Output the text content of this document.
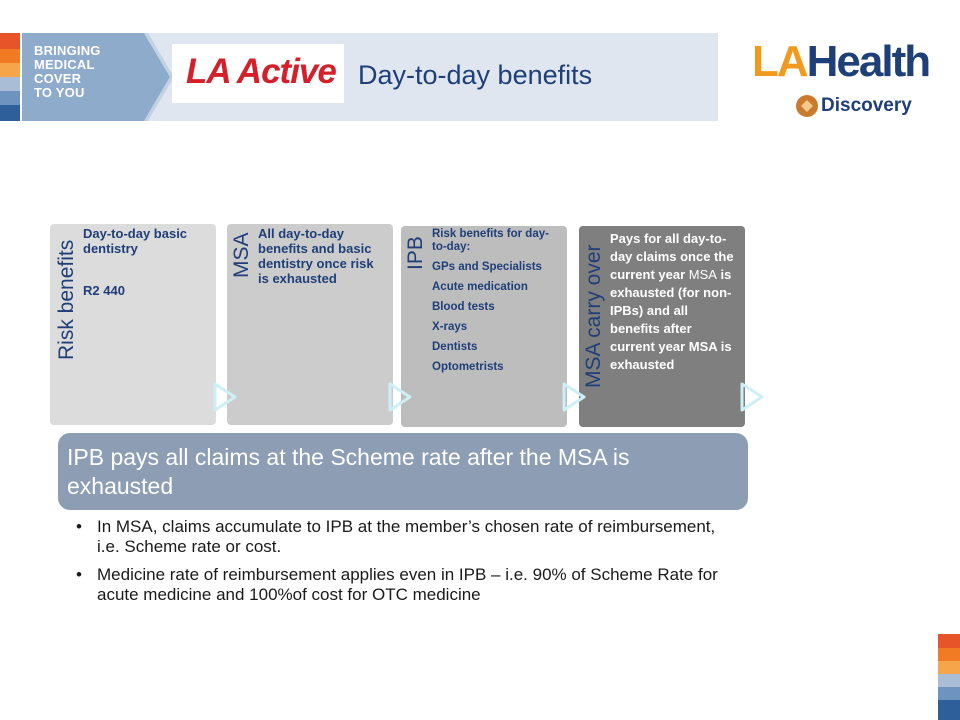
BRINGING
MEDICAL
COVER
TO YOU
LA Active Day-to-day benefits	LAHealth
Discovery
Risk benefits	MSA	IPB	MSA carry over
Day-to-day basic dentistry
R2 440
All day-to-day benefits and basic dentistry once risk is exhausted
Risk benefits for day-to-day:
GPs and Specialists
Acute medication
Blood tests
X-rays
Dentists
Optometrists
Pays for all day-to-day claims once the current year MSA is exhausted (for non-IPBs) and all benefits after current year MSA is exhausted
IPB pays all claims at the Scheme rate after the MSA is exhausted
• In MSA, claims accumulate to IPB at the member’s chosen rate of reimbursement, i.e. Scheme rate or cost.
• Medicine rate of reimbursement applies even in IPB – i.e. 90% of Scheme Rate for acute medicine and 100%of cost for OTC medicine
